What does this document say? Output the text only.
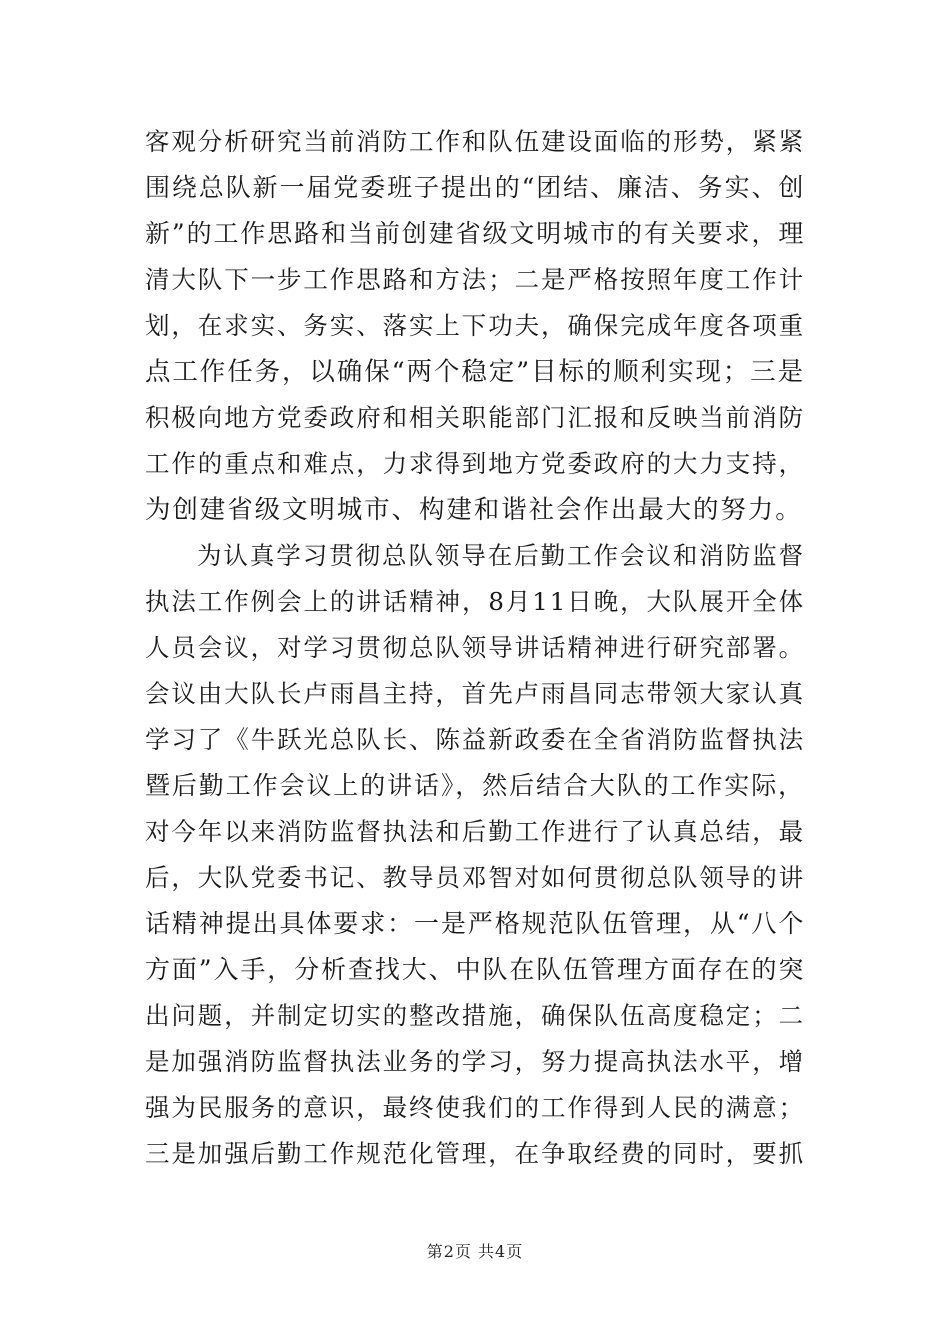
客观分析研究当前消防工作和队伍建设面临的形势，紧紧
围绕总队新一届党委班子提出的“团结、廉洁、务实、创
新”的工作思路和当前创建省级文明城市的有关要求，理
清大队下一步工作思路和方法；二是严格按照年度工作计
划，在求实、务实、落实上下功夫，确保完成年度各项重
点工作任务，以确保“两个稳定”目标的顺利实现；三是
积极向地方党委政府和相关职能部门汇报和反映当前消防
工作的重点和难点，力求得到地方党委政府的大力支持，
为创建省级文明城市、构建和谐社会作出最大的努力。
为认真学习贯彻总队领导在后勤工作会议和消防监督
执法工作例会上的讲话精神，8月11日晚，大队展开全体
人员会议，对学习贯彻总队领导讲话精神进行研究部署。
会议由大队长卢雨昌主持，首先卢雨昌同志带领大家认真
学习了《牛跃光总队长、陈益新政委在全省消防监督执法
暨后勤工作会议上的讲话》，然后结合大队的工作实际，
对今年以来消防监督执法和后勤工作进行了认真总结，最
后，大队党委书记、教导员邓智对如何贯彻总队领导的讲
话精神提出具体要求：一是严格规范队伍管理，从“八个
方面”入手，分析查找大、中队在队伍管理方面存在的突
出问题，并制定切实的整改措施，确保队伍高度稳定；二
是加强消防监督执法业务的学习，努力提高执法水平，增
强为民服务的意识，最终使我们的工作得到人民的满意；
三是加强后勤工作规范化管理，在争取经费的同时，要抓
第2页 共4页
